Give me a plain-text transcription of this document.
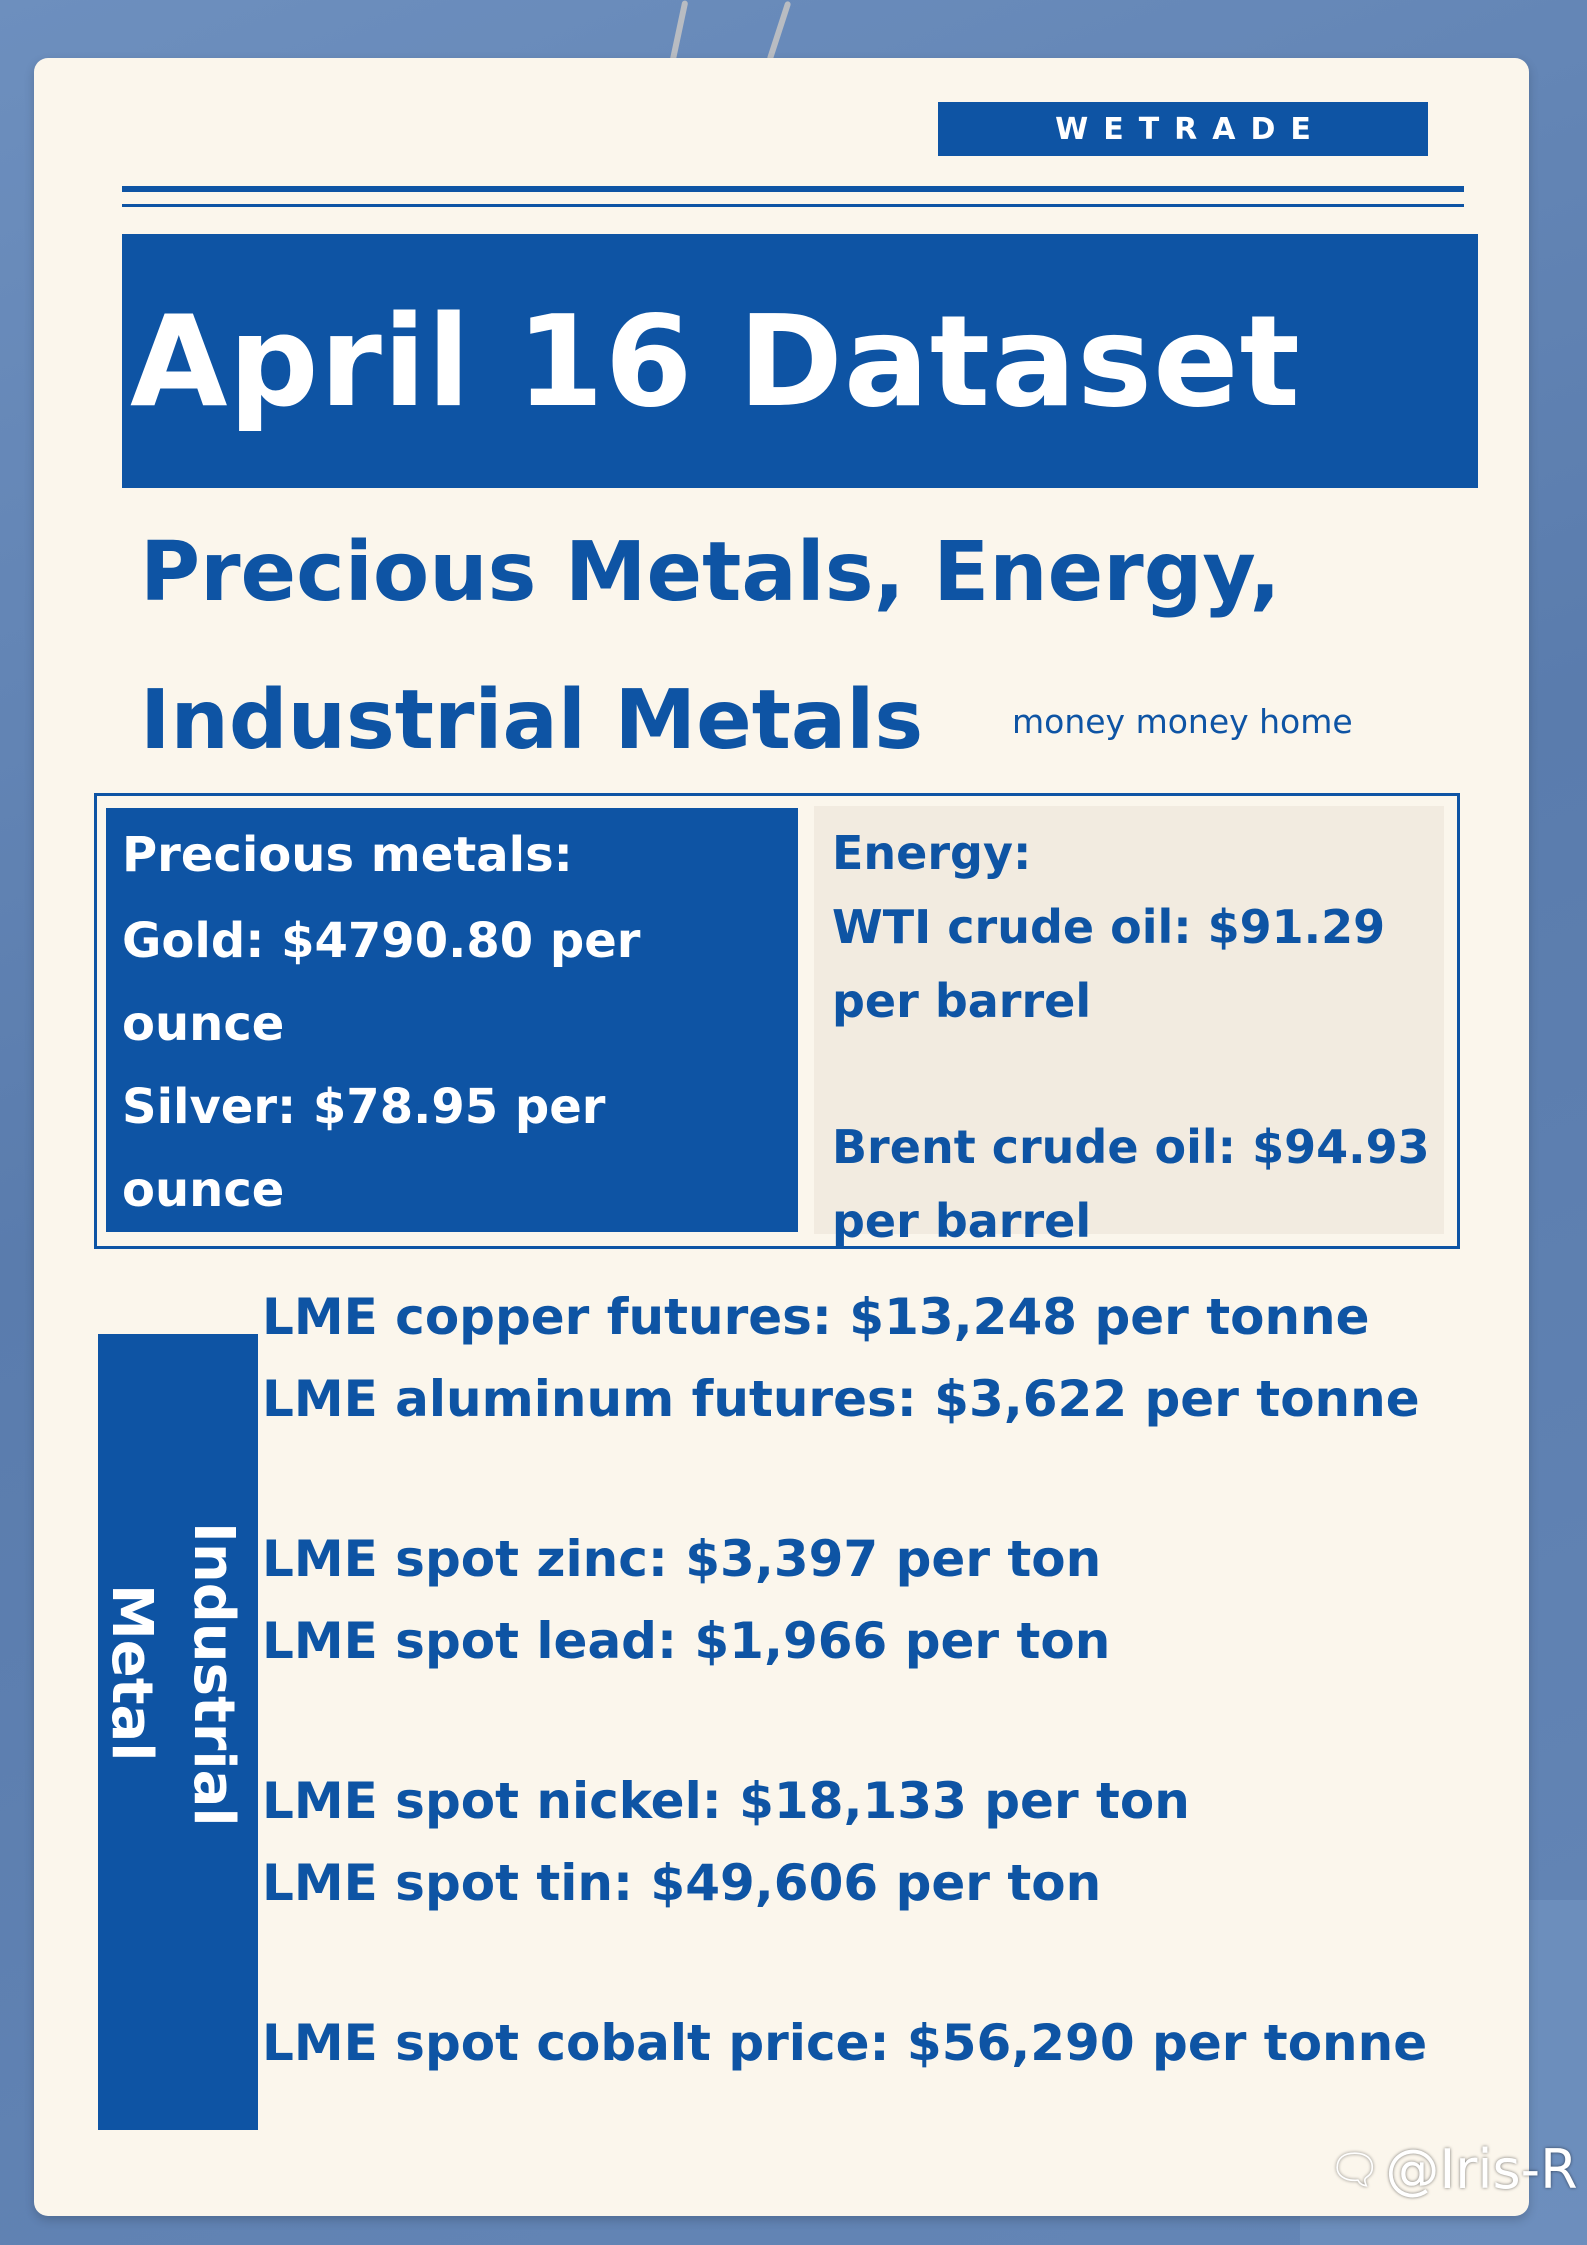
WETRADE
April 16 Dataset
Precious Metals, Energy,
Industrial Metals	money money home
Precious metals:
Gold: $4790.80 per
ounce
Silver: $78.95 per
ounce
Energy:
WTI crude oil: $91.29
per barrel
Brent crude oil: $94.93
per barrel
Metal Industrial
LME copper futures: $13,248 per tonne
LME aluminum futures: $3,622 per tonne
LME spot zinc: $3,397 per ton
LME spot lead: $1,966 per ton
LME spot nickel: $18,133 per ton
LME spot tin: $49,606 per ton
LME spot cobalt price: $56,290 per tonne
🗨 @Iris-R
